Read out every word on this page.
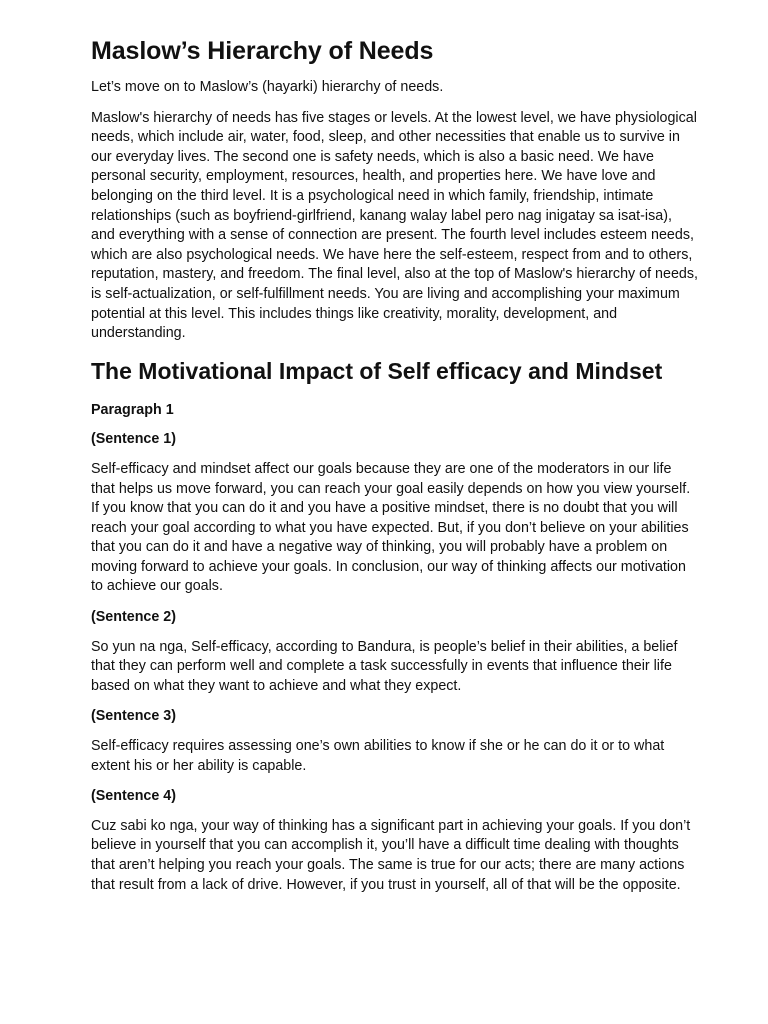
Maslow’s Hierarchy of Needs

Let’s move on to Maslow’s (hayarki) hierarchy of needs.

Maslow's hierarchy of needs has five stages or levels. At the lowest level, we have physiological needs, which include air, water, food, sleep, and other necessities that enable us to survive in our everyday lives. The second one is safety needs, which is also a basic need. We have personal security, employment, resources, health, and properties here. We have love and belonging on the third level. It is a psychological need in which family, friendship, intimate relationships (such as boyfriend-girlfriend, kanang walay label pero nag inigatay sa isat-isa), and everything with a sense of connection are present. The fourth level includes esteem needs, which are also psychological needs. We have here the self-esteem, respect from and to others, reputation, mastery, and freedom. The final level, also at the top of Maslow's hierarchy of needs, is self-actualization, or self-fulfillment needs. You are living and accomplishing your maximum potential at this level. This includes things like creativity, morality, development, and understanding.

The Motivational Impact of Self efficacy and Mindset
Paragraph 1
(Sentence 1)

Self-efficacy and mindset affect our goals because they are one of the moderators in our life that helps us move forward, you can reach your goal easily depends on how you view yourself. If you know that you can do it and you have a positive mindset, there is no doubt that you will reach your goal according to what you have expected. But, if you don’t believe on your abilities that you can do it and have a negative way of thinking, you will probably have a problem on moving forward to achieve your goals. In conclusion, our way of thinking affects our motivation to achieve our goals.

(Sentence 2)

So yun na nga, Self-efficacy, according to Bandura, is people’s belief in their abilities, a belief that they can perform well and complete a task successfully in events that influence their life based on what they want to achieve and what they expect.

(Sentence 3)

Self-efficacy requires assessing one’s own abilities to know if she or he can do it or to what extent his or her ability is capable.

(Sentence 4)

Cuz sabi ko nga, your way of thinking has a significant part in achieving your goals. If you don’t believe in yourself that you can accomplish it, you’ll have a difficult time dealing with thoughts that aren’t helping you reach your goals. The same is true for our acts; there are many actions that result from a lack of drive. However, if you trust in yourself, all of that will be the opposite.
